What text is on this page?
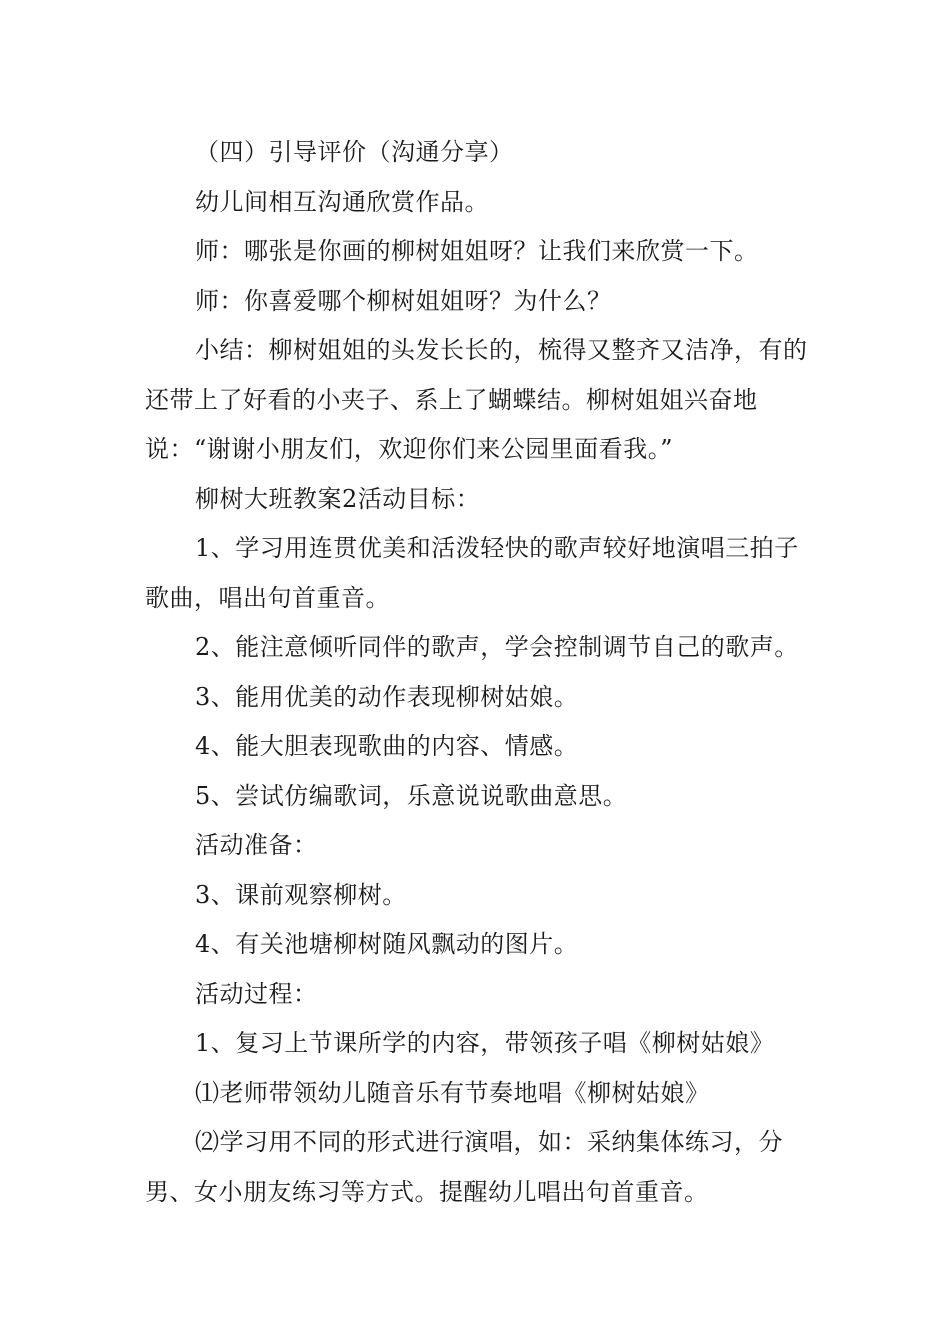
（四）引导评价（沟通分享）

幼儿间相互沟通欣赏作品。

师：哪张是你画的柳树姐姐呀？让我们来欣赏一下。

师：你喜爱哪个柳树姐姐呀？为什么？

小结：柳树姐姐的头发长长的，梳得又整齐又洁净，有的还带上了好看的小夹子、系上了蝴蝶结。柳树姐姐兴奋地说：“谢谢小朋友们，欢迎你们来公园里面看我。”

柳树大班教案2活动目标：

1、学习用连贯优美和活泼轻快的歌声较好地演唱三拍子歌曲，唱出句首重音。

2、能注意倾听同伴的歌声，学会控制调节自己的歌声。

3、能用优美的动作表现柳树姑娘。

4、能大胆表现歌曲的内容、情感。

5、尝试仿编歌词，乐意说说歌曲意思。

活动准备：

3、课前观察柳树。

4、有关池塘柳树随风飘动的图片。

活动过程：

1、复习上节课所学的内容，带领孩子唱《柳树姑娘》

⑴老师带领幼儿随音乐有节奏地唱《柳树姑娘》

⑵学习用不同的形式进行演唱，如：采纳集体练习，分男、女小朋友练习等方式。提醒幼儿唱出句首重音。
